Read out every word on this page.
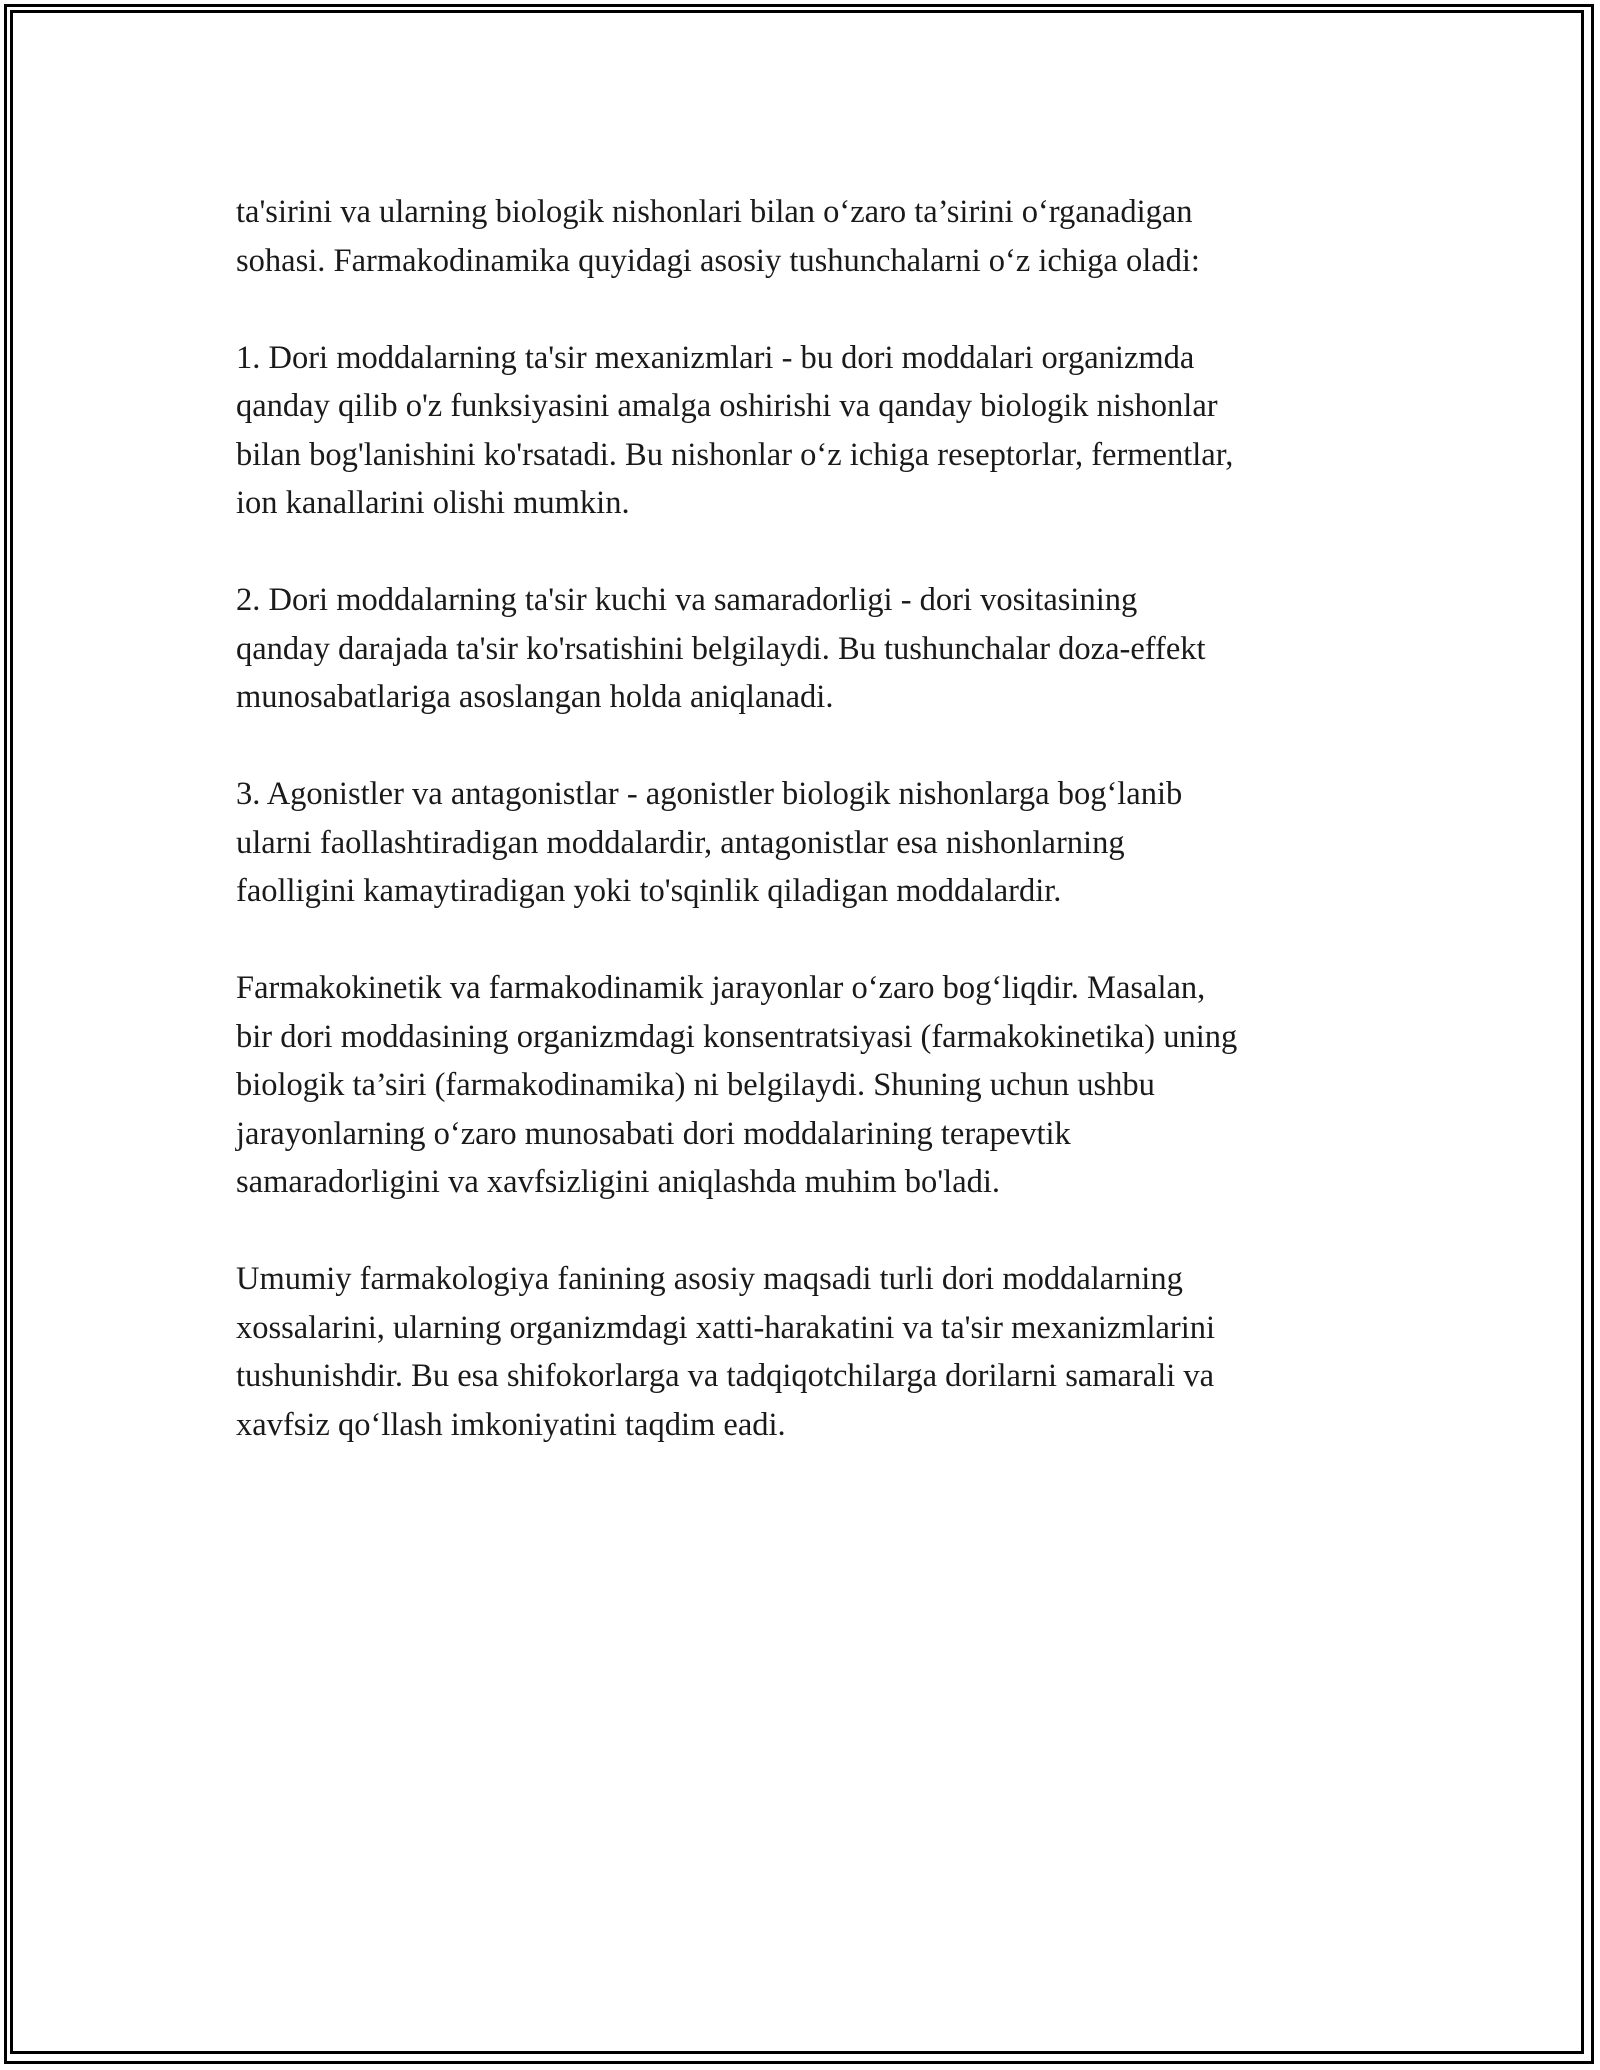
ta'sirini va ularning biologik nishonlari bilan o‘zaro ta’sirini o‘rganadigan
sohasi. Farmakodinamika quyidagi asosiy tushunchalarni o‘z ichiga oladi:

1. Dori moddalarning ta'sir mexanizmlari - bu dori moddalari organizmda
qanday qilib o'z funksiyasini amalga oshirishi va qanday biologik nishonlar
bilan bog'lanishini ko'rsatadi. Bu nishonlar o‘z ichiga reseptorlar, fermentlar,
ion kanallarini olishi mumkin.

2. Dori moddalarning ta'sir kuchi va samaradorligi - dori vositasining
qanday darajada ta'sir ko'rsatishini belgilaydi. Bu tushunchalar doza-effekt
munosabatlariga asoslangan holda aniqlanadi.

3. Agonistler va antagonistlar - agonistler biologik nishonlarga bog‘lanib
ularni faollashtiradigan moddalardir, antagonistlar esa nishonlarning
faolligini kamaytiradigan yoki to'sqinlik qiladigan moddalardir.

Farmakokinetik va farmakodinamik jarayonlar o‘zaro bog‘liqdir. Masalan,
bir dori moddasining organizmdagi konsentratsiyasi (farmakokinetika) uning
biologik ta’siri (farmakodinamika) ni belgilaydi. Shuning uchun ushbu
jarayonlarning o‘zaro munosabati dori moddalarining terapevtik
samaradorligini va xavfsizligini aniqlashda muhim bo'ladi.

Umumiy farmakologiya fanining asosiy maqsadi turli dori moddalarning
xossalarini, ularning organizmdagi xatti-harakatini va ta'sir mexanizmlarini
tushunishdir. Bu esa shifokorlarga va tadqiqotchilarga dorilarni samarali va
xavfsiz qo‘llash imkoniyatini taqdim eadi.
